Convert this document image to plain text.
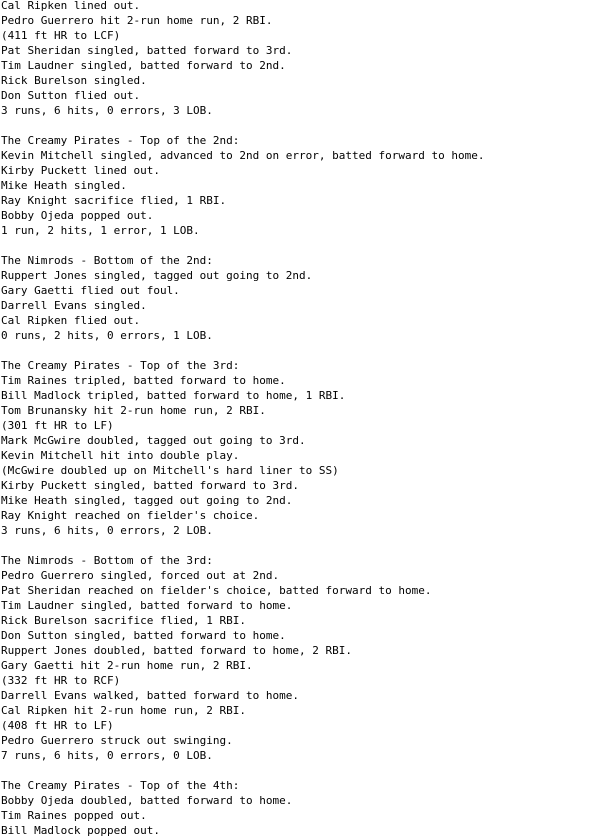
Cal Ripken lined out.
Pedro Guerrero hit 2-run home run, 2 RBI.
(411 ft HR to LCF)
Pat Sheridan singled, batted forward to 3rd.
Tim Laudner singled, batted forward to 2nd.
Rick Burelson singled.
Don Sutton flied out.
3 runs, 6 hits, 0 errors, 3 LOB.
The Creamy Pirates - Top of the 2nd:
Kevin Mitchell singled, advanced to 2nd on error, batted forward to home.
Kirby Puckett lined out.
Mike Heath singled.
Ray Knight sacrifice flied, 1 RBI.
Bobby Ojeda popped out.
1 run, 2 hits, 1 error, 1 LOB.
The Nimrods - Bottom of the 2nd:
Ruppert Jones singled, tagged out going to 2nd.
Gary Gaetti flied out foul.
Darrell Evans singled.
Cal Ripken flied out.
0 runs, 2 hits, 0 errors, 1 LOB.
The Creamy Pirates - Top of the 3rd:
Tim Raines tripled, batted forward to home.
Bill Madlock tripled, batted forward to home, 1 RBI.
Tom Brunansky hit 2-run home run, 2 RBI.
(301 ft HR to LF)
Mark McGwire doubled, tagged out going to 3rd.
Kevin Mitchell hit into double play.
(McGwire doubled up on Mitchell's hard liner to SS)
Kirby Puckett singled, batted forward to 3rd.
Mike Heath singled, tagged out going to 2nd.
Ray Knight reached on fielder's choice.
3 runs, 6 hits, 0 errors, 2 LOB.
The Nimrods - Bottom of the 3rd:
Pedro Guerrero singled, forced out at 2nd.
Pat Sheridan reached on fielder's choice, batted forward to home.
Tim Laudner singled, batted forward to home.
Rick Burelson sacrifice flied, 1 RBI.
Don Sutton singled, batted forward to home.
Ruppert Jones doubled, batted forward to home, 2 RBI.
Gary Gaetti hit 2-run home run, 2 RBI.
(332 ft HR to RCF)
Darrell Evans walked, batted forward to home.
Cal Ripken hit 2-run home run, 2 RBI.
(408 ft HR to LF)
Pedro Guerrero struck out swinging.
7 runs, 6 hits, 0 errors, 0 LOB.
The Creamy Pirates - Top of the 4th:
Bobby Ojeda doubled, batted forward to home.
Tim Raines popped out.
Bill Madlock popped out.
